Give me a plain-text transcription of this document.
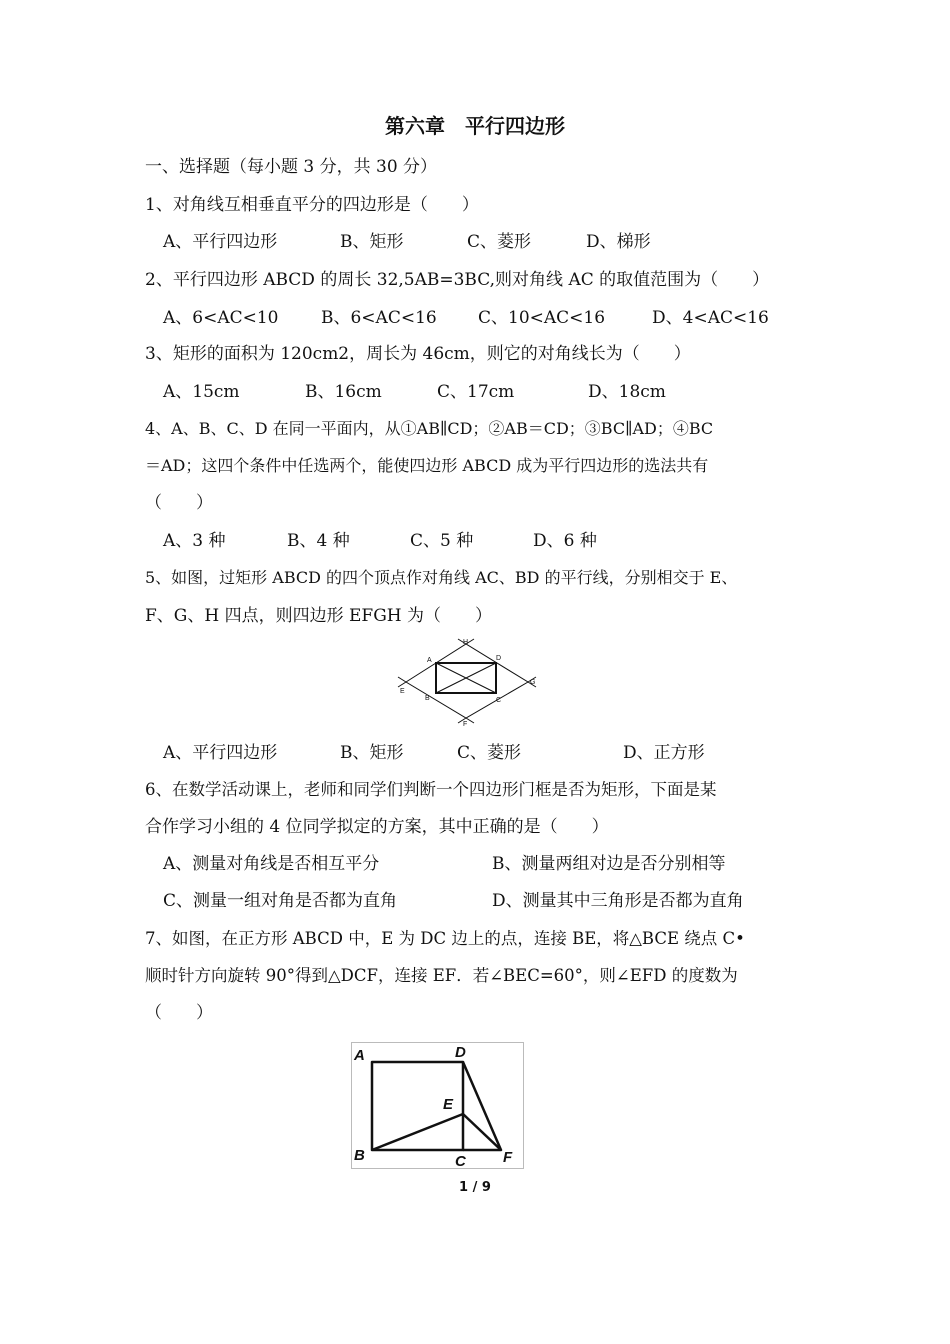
第六章　平行四边形
一、选择题（每小题 3 分，共 30 分）
1、对角线互相垂直平分的四边形是（　　）
A、平行四边形	B、矩形	C、菱形	D、梯形
2、平行四边形 ABCD 的周长 32,5AB=3BC,则对角线 AC 的取值范围为（　　）
A、6<AC<10	B、6<AC<16 C、10<AC<16	D、4<AC<16
3、矩形的面积为 120cm2，周长为 46cm，则它的对角线长为（　　）
A、15cm	B、16cm	C、17cm	D、18cm
4、A、B、C、D 在同一平面内，从①AB∥CD；②AB＝CD；③BC∥AD；④BC
＝AD；这四个条件中任选两个，能使四边形 ABCD 成为平行四边形的选法共有
（　　）
A、3 种	B、4 种	C、5 种	D、6 种
5、如图，过矩形 ABCD 的四个顶点作对角线 AC、BD 的平行线，分别相交于 E、
F、G、H 四点，则四边形 EFGH 为（　　）
A	D
B	C
E
G
H
F
A、平行四边形	B、矩形	C、菱形	D、正方形
6、在数学活动课上，老师和同学们判断一个四边形门框是否为矩形，下面是某
合作学习小组的 4 位同学拟定的方案，其中正确的是（　　）
A、测量对角线是否相互平分	B、测量两组对边是否分别相等
C、测量一组对角是否都为直角	D、测量其中三角形是否都为直角
7、如图，在正方形 ABCD 中，E 为 DC 边上的点，连接 BE，将△BCE 绕点 C•
顺时针方向旋转 90°得到△DCF，连接 EF．若∠BEC=60°，则∠EFD 的度数为
（　　）
A	D
E
B	C F
1 / 9
